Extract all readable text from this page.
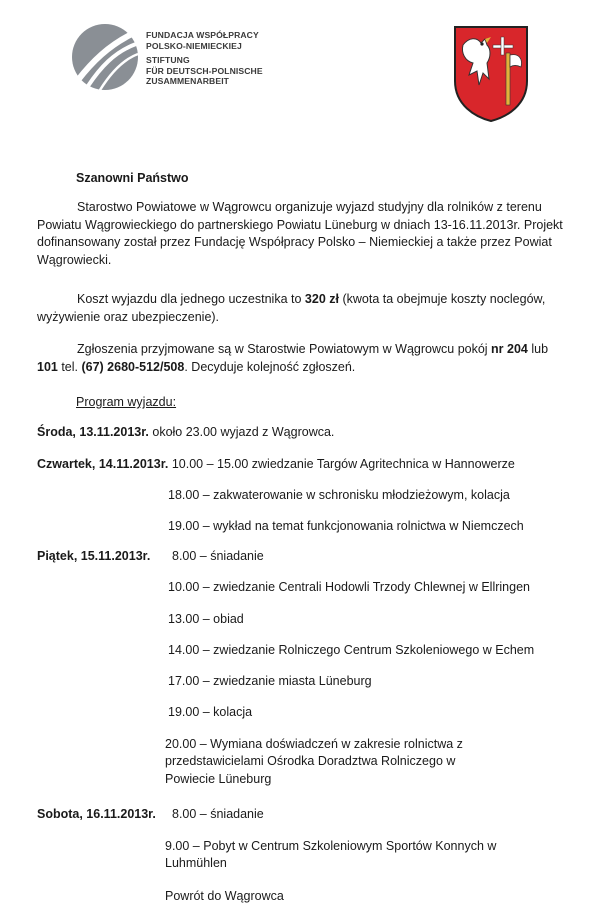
FUNDACJA WSPÓŁPRACY
POLSKO-NIEMIECKIEJ
STIFTUNG
FÜR DEUTSCH-POLNISCHE
ZUSAMMENARBEIT
Szanowni Państwo
Starostwo Powiatowe w Wągrowcu organizuje wyjazd studyjny dla rolników z terenu Powiatu Wągrowieckiego do partnerskiego Powiatu Lüneburg w dniach 13-16.11.2013r. Projekt dofinansowany został przez Fundację Współpracy Polsko – Niemieckiej a także przez Powiat Wągrowiecki.
Koszt wyjazdu dla jednego uczestnika to 320 zł (kwota ta obejmuje koszty noclegów, wyżywienie oraz ubezpieczenie).
Zgłoszenia przyjmowane są w Starostwie Powiatowym w Wągrowcu pokój nr 204 lub 101 tel. (67) 2680-512/508. Decyduje kolejność zgłoszeń.
Program wyjazdu:
Środa, 13.11.2013r. około 23.00 wyjazd z Wągrowca.
Czwartek, 14.11.2013r. 10.00 – 15.00 zwiedzanie Targów Agritechnica w Hannowerze
18.00 – zakwaterowanie w schronisku młodzieżowym, kolacja
19.00 – wykład na temat funkcjonowania rolnictwa w Niemczech
Piątek, 15.11.2013r. 8.00 – śniadanie
10.00 – zwiedzanie Centrali Hodowli Trzody Chlewnej w Ellringen
13.00 – obiad
14.00 – zwiedzanie Rolniczego Centrum Szkoleniowego w Echem
17.00 – zwiedzanie miasta Lüneburg
19.00 – kolacja
20.00 – Wymiana doświadczeń w zakresie rolnictwa z przedstawicielami Ośrodka Doradztwa Rolniczego w Powiecie Lüneburg
Sobota, 16.11.2013r. 8.00 – śniadanie
9.00 – Pobyt w Centrum Szkoleniowym Sportów Konnych w Luhmühlen
Powrót do Wągrowca
